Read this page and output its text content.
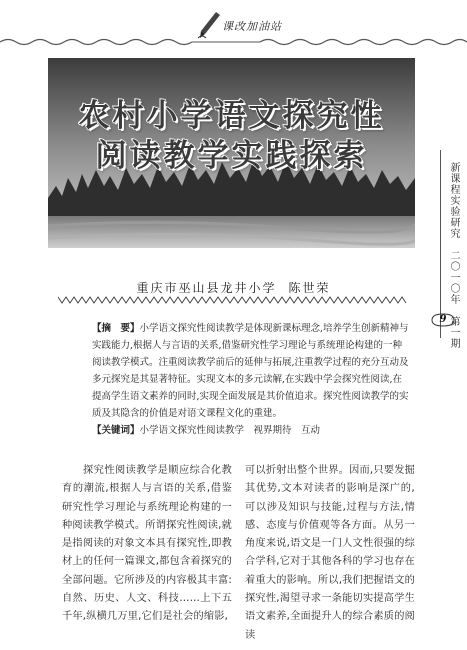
课改加油站
农村小学语文探究性
阅读教学实践探索
新课程实验研究　二〇一〇年　第一期
9
重庆市巫山县龙井小学 陈世荣

【摘　要】小学语文探究性阅读教学是体现新课标理念,培养学生创新精神与实践能力,根据人与言语的关系,借鉴研究性学习理论与系统理论构建的一种阅读教学模式。注重阅读教学前后的延伸与拓展,注重教学过程的充分互动及多元探究是其显著特征。实现文本的多元读解,在实践中学会探究性阅读,在提高学生语文素养的同时,实现全面发展是其价值追求。探究性阅读教学的实质及其隐含的价值是对语文课程文化的重建。

【关键词】小学语文探究性阅读教学　视界期待　互动

探究性阅读教学是顺应综合化教育的潮流,根据人与言语的关系,借鉴研究性学习理论与系统理论构建的一种阅读教学模式。所谓探究性阅读,就是指阅读的对象文本具有探究性,即教材上的任何一篇课文,都包含着探究的全部问题。它所涉及的内容极其丰富:自然、历史、人文、科技……上下五千年,纵横几万里,它们是社会的缩影,

可以折射出整个世界。因而,只要发掘其优势,文本对读者的影响是深广的,可以涉及知识与技能,过程与方法,情感、态度与价值观等各方面。从另一角度来说,语文是一门人文性很强的综合学科,它对于其他各科的学习也存在着重大的影响。所以,我们把握语文的探究性,渴望寻求一条能切实提高学生语文素养,全面提升人的综合素质的阅读
